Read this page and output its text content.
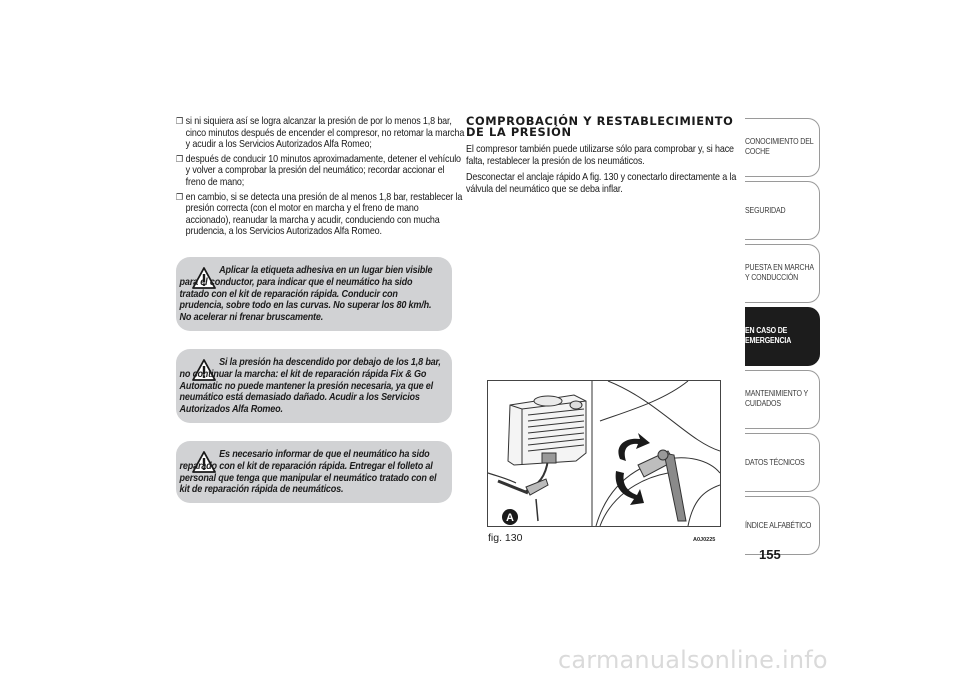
❒ si ni siquiera así se logra alcanzar la presión de por lo menos 1,8 bar, cinco minutos después de encender el compresor, no retomar la marcha y acudir a los Servicios Autorizados Alfa Romeo;
❒ después de conducir 10 minutos aproximadamente, detener el vehículo y volver a comprobar la presión del neumático; recordar accionar el freno de mano;
❒ en cambio, si se detecta una presión de al menos 1,8 bar, restablecer la presión correcta (con el motor en marcha y el freno de mano accionado), reanudar la marcha y acudir, conduciendo con mucha prudencia, a los Servicios Autorizados Alfa Romeo.
Aplicar la etiqueta adhesiva en un lugar bien visible para el conductor, para indicar que el neumático ha sido tratado con el kit de reparación rápida. Conducir con prudencia, sobre todo en las curvas. No superar los 80 km/h. No acelerar ni frenar bruscamente.
Si la presión ha descendido por debajo de los 1,8 bar, no continuar la marcha: el kit de reparación rápida Fix & Go Automatic no puede mantener la presión necesaria, ya que el neumático está demasiado dañado. Acudir a los Servicios Autorizados Alfa Romeo.
Es necesario informar de que el neumático ha sido reparado con el kit de reparación rápida. Entregar el folleto al personal que tenga que manipular el neumático tratado con el kit de reparación rápida de neumáticos.
COMPROBACIÓN Y RESTABLECIMIENTO
DE LA PRESIÓN

El compresor también puede utilizarse sólo para comprobar y, si hace falta, restablecer la presión de los neumáticos.

Desconectar el anclaje rápido A fig. 130 y conectarlo directamente a la válvula del neumático que se deba inflar.

A
fig. 130	A0J0225
CONOCIMIENTO DEL
COCHE
SEGURIDAD
PUESTA EN MARCHA
Y CONDUCCIÓN
EN CASO DE
EMERGENCIA
MANTENIMIENTO Y
CUIDADOS
DATOS TÉCNICOS
ÍNDICE ALFABÉTICO
155
carmanualsonline.info
